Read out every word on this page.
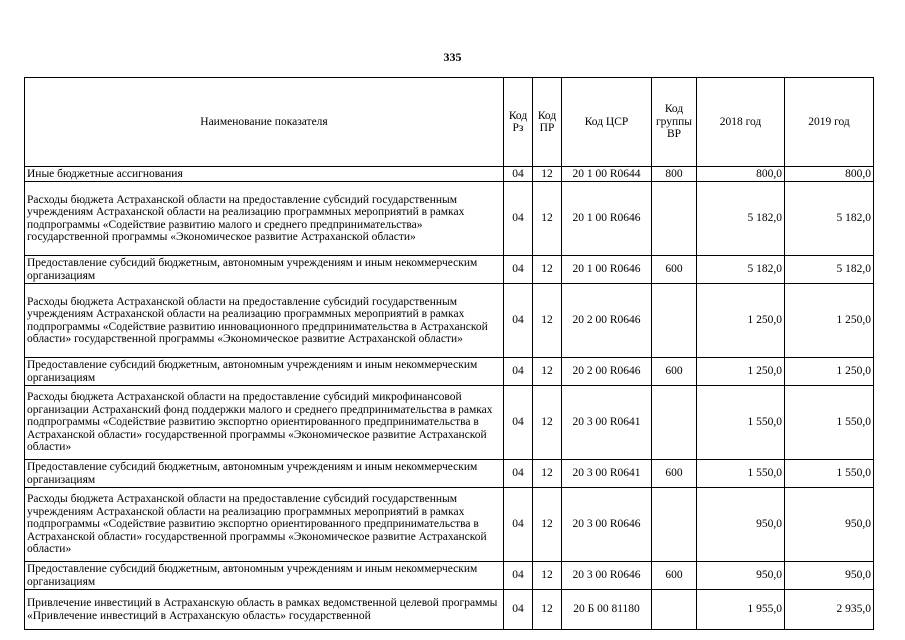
335
Наименование показателя	Код Рз	Код ПР	Код ЦСР	Код группы ВР	2018 год	2019 год
Иные бюджетные ассигнования	04	12	20 1 00 R0644	800	800,0	800,0
Расходы бюджета Астраханской области на предоставление субсидий государственным учреждениям Астраханской области на реализацию программных мероприятий в рамках подпрограммы «Содействие развитию малого и среднего предпринимательства» государственной программы «Экономическое развитие Астраханской области»	04	12	20 1 00 R0646		5 182,0	5 182,0
Предоставление субсидий бюджетным, автономным учреждениям и иным некоммерческим организациям	04	12	20 1 00 R0646	600	5 182,0	5 182,0
Расходы бюджета Астраханской области на предоставление субсидий государственным учреждениям Астраханской области на реализацию программных мероприятий в рамках подпрограммы «Содействие развитию инновационного предпринимательства в Астраханской области» государственной программы «Экономическое развитие Астраханской области»	04	12	20 2 00 R0646		1 250,0	1 250,0
Предоставление субсидий бюджетным, автономным учреждениям и иным некоммерческим организациям	04	12	20 2 00 R0646	600	1 250,0	1 250,0
Расходы бюджета Астраханской области на предоставление субсидий микрофинансовой организации Астраханский фонд поддержки малого и среднего предпринимательства в рамках подпрограммы «Содействие развитию экспортно ориентированного предпринимательства в Астраханской области» государственной программы «Экономическое развитие Астраханской области»	04	12	20 3 00 R0641		1 550,0	1 550,0
Предоставление субсидий бюджетным, автономным учреждениям и иным некоммерческим организациям	04	12	20 3 00 R0641	600	1 550,0	1 550,0
Расходы бюджета Астраханской области на предоставление субсидий государственным учреждениям Астраханской области на реализацию программных мероприятий в рамках подпрограммы «Содействие развитию экспортно ориентированного предпринимательства в Астраханской области» государственной программы «Экономическое развитие Астраханской области»	04	12	20 3 00 R0646		950,0	950,0
Предоставление субсидий бюджетным, автономным учреждениям и иным некоммерческим организациям	04	12	20 3 00 R0646	600	950,0	950,0
Привлечение инвестиций в Астраханскую область в рамках ведомственной целевой программы «Привлечение инвестиций в Астраханскую область» государственной	04	12	20 Б 00 81180		1 955,0	2 935,0
